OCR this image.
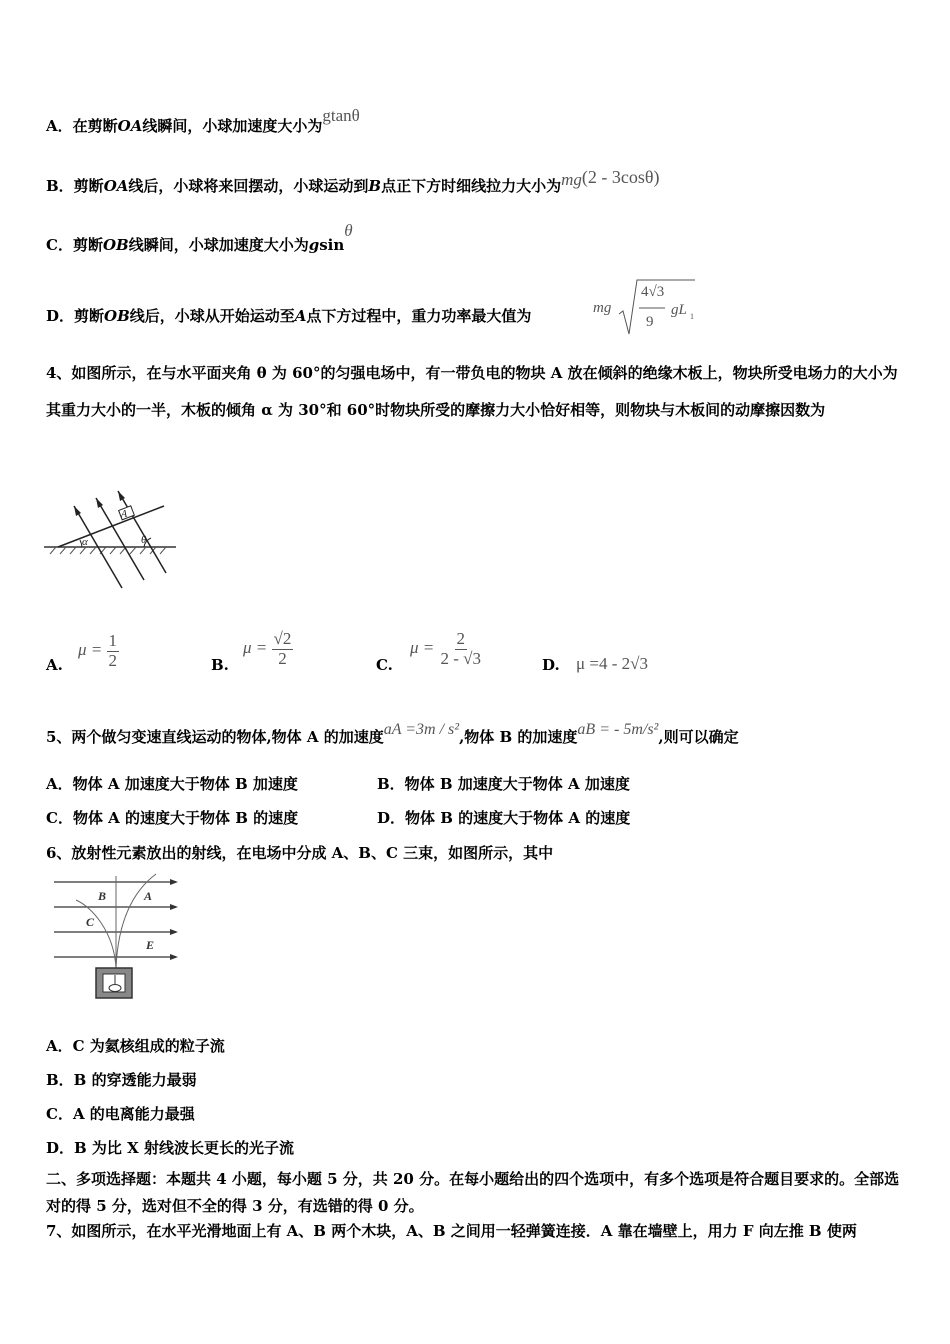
A．在剪断OA线瞬间，小球加速度大小为gtanθ
B．剪断OA线后，小球将来回摆动，小球运动到B点正下方时细线拉力大小为mg(2 - 3cosθ)
C．剪断OB线瞬间，小球加速度大小为gsinθ
D．剪断OB线后，小球从开始运动至A点下方过程中，重力功率最大值为	mg
4√3
9
gL 1
4、如图所示，在与水平面夹角 θ 为 60°的匀强电场中，有一带负电的物块 A 放在倾斜的绝缘木板上，物块所受电场力的大小为其重力大小的一半，木板的倾角 α 为 30°和 60°时物块所受的摩擦力大小恰好相等，则物块与木板间的动摩擦因数为
A
α	θ
A.
$\mu = \frac{1}{2}$	B.
$\mu = \frac{√2}{2}$	C.
$\mu = \frac{2}{2 - √3}$	D. μ =4 - 2√3
5、两个做匀变速直线运动的物体,物体 A 的加速度aA =3m / s²,物体 B 的加速度aB = - 5m/s²,则可以确定
A．物体 A 加速度大于物体 B 加速度	B．物体 B 加速度大于物体 A 加速度
C．物体 A 的速度大于物体 B 的速度	D．物体 B 的速度大于物体 A 的速度
6、放射性元素放出的射线，在电场中分成 A、B、C 三束，如图所示，其中
B	A
C
E
A．C 为氦核组成的粒子流
B．B 的穿透能力最弱
C．A 的电离能力最强
D．B 为比 X 射线波长更长的光子流
二、多项选择题：本题共 4 小题，每小题 5 分，共 20 分。在每小题给出的四个选项中，有多个选项是符合题目要求的。全部选对的得 5 分，选对但不全的得 3 分，有选错的得 0 分。
7、如图所示，在水平光滑地面上有 A、B 两个木块，A、B 之间用一轻弹簧连接．A 靠在墙壁上，用力 F 向左推 B 使两
